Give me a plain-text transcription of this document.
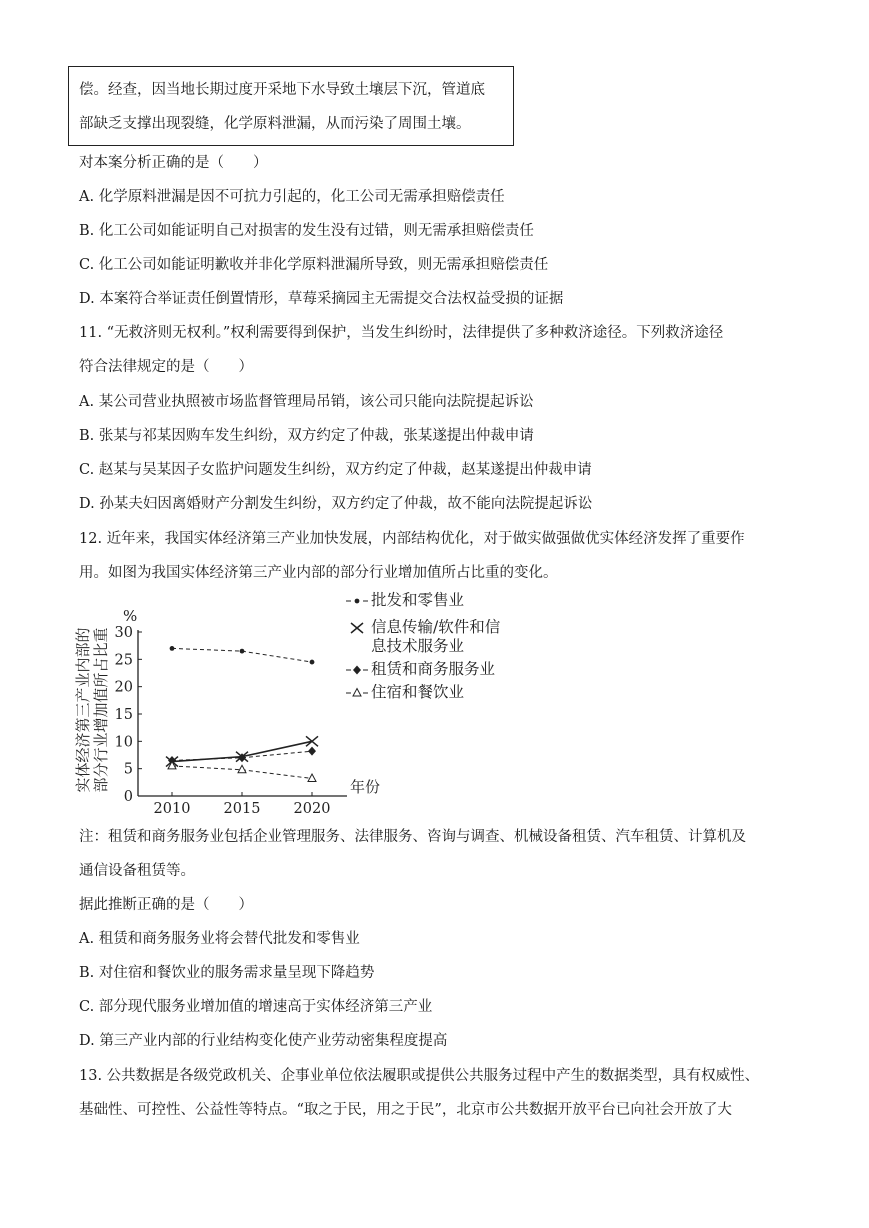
偿。经查，因当地长期过度开采地下水导致土壤层下沉，管道底
部缺乏支撑出现裂缝，化学原料泄漏，从而污染了周围土壤。
对本案分析正确的是（　　）
A. 化学原料泄漏是因不可抗力引起的，化工公司无需承担赔偿责任
B. 化工公司如能证明自己对损害的发生没有过错，则无需承担赔偿责任
C. 化工公司如能证明歉收并非化学原料泄漏所导致，则无需承担赔偿责任
D. 本案符合举证责任倒置情形，草莓采摘园主无需提交合法权益受损的证据
11. “无救济则无权利。”权利需要得到保护，当发生纠纷时，法律提供了多种救济途径。下列救济途径
符合法律规定的是（　　）
A. 某公司营业执照被市场监督管理局吊销，该公司只能向法院提起诉讼
B. 张某与祁某因购车发生纠纷，双方约定了仲裁，张某遂提出仲裁申请
C. 赵某与吴某因子女监护问题发生纠纷，双方约定了仲裁，赵某遂提出仲裁申请
D. 孙某夫妇因离婚财产分割发生纠纷，双方约定了仲裁，故不能向法院提起诉讼
12. 近年来，我国实体经济第三产业加快发展，内部结构优化，对于做实做强做优实体经济发挥了重要作
用。如图为我国实体经济第三产业内部的部分行业增加值所占比重的变化。
%
实体经济第三产业内部的 部分行业增加值所占比重
0
5
10
15
20
25
30
2010 2015 2020
年份
批发和零售业
信息传输/软件和信
息技术服务业
租赁和商务服务业
住宿和餐饮业
注：租赁和商务服务业包括企业管理服务、法律服务、咨询与调查、机械设备租赁、汽车租赁、计算机及
通信设备租赁等。
据此推断正确的是（　　）
A. 租赁和商务服务业将会替代批发和零售业
B. 对住宿和餐饮业的服务需求量呈现下降趋势
C. 部分现代服务业增加值的增速高于实体经济第三产业
D. 第三产业内部的行业结构变化使产业劳动密集程度提高
13. 公共数据是各级党政机关、企事业单位依法履职或提供公共服务过程中产生的数据类型，具有权威性、
基础性、可控性、公益性等特点。“取之于民，用之于民”，北京市公共数据开放平台已向社会开放了大
